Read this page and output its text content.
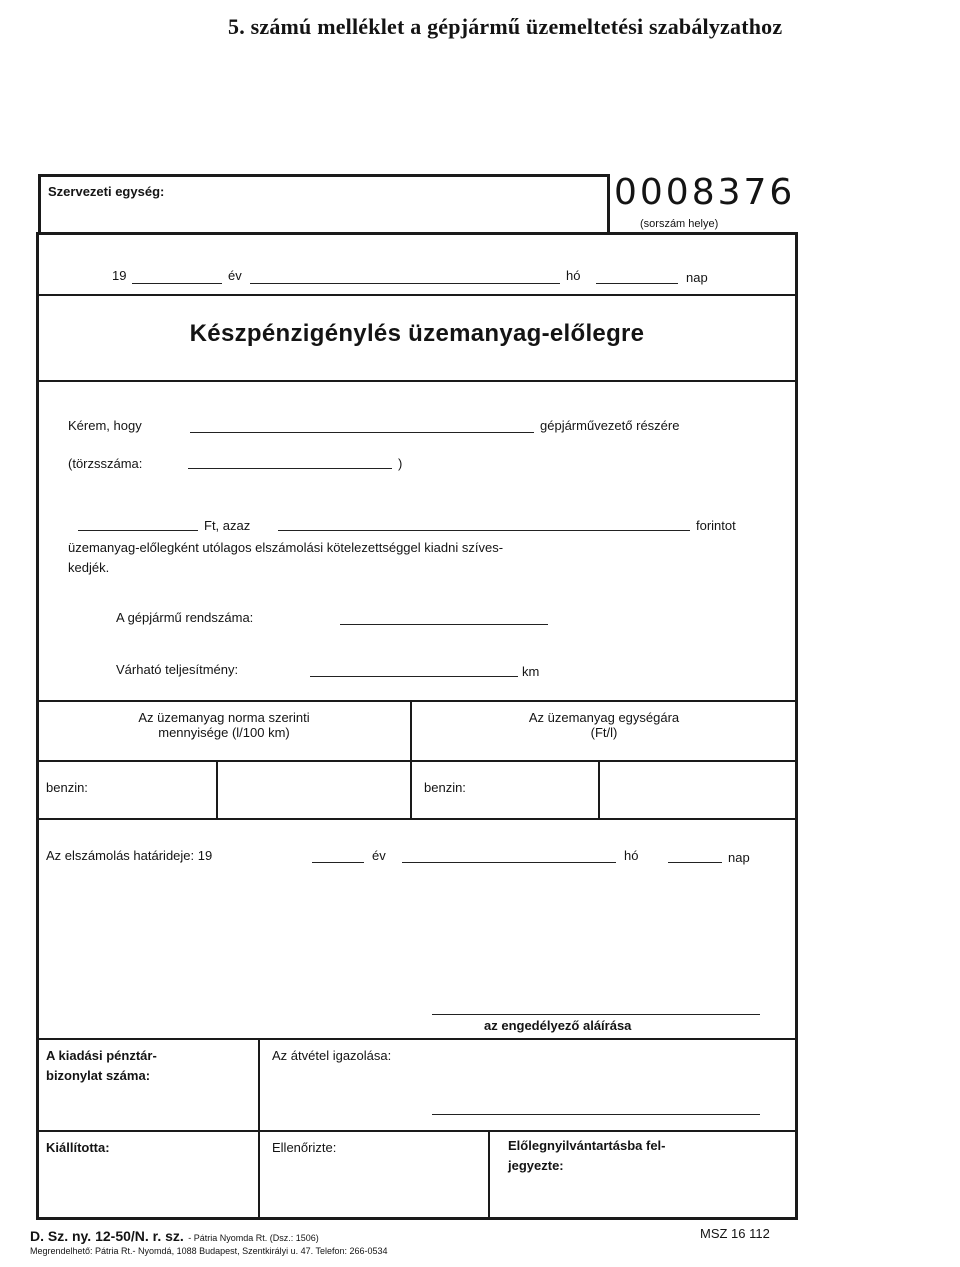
5. számú melléklet a gépjármű üzemeltetési szabályzathoz
Szervezeti egység:	0008376
(sorszám helye)
19	év	hó	nap
Készpénzigénylés üzemanyag-előlegre
Kérem, hogy	gépjárművezető részére
(törzsszáma:	)
Ft, azaz	forintot
üzemanyag-előlegként utólagos elszámolási kötelezettséggel kiadni szíves-
kedjék.
A gépjármű rendszáma:
Várható teljesítmény:	km
Az üzemanyag norma szerinti
mennyisége (l/100 km)
Az üzemanyag egységára
(Ft/l)
benzin:	benzin:
Az elszámolás határideje: 19	év	hó	nap
az engedélyező aláírása
A kiadási pénztár-
bizonylat száma:
Az átvétel igazolása:
Kiállította:	Ellenőrizte:	Előlegnyilvántartásba fel-
jegyezte:
D. Sz. ny. 12-50/N. r. sz. - Pátria Nyomda Rt. (Dsz.: 1506)
Megrendelhető: Pátria Rt.- Nyomdá, 1088 Budapest, Szentkirályi u. 47. Telefon: 266-0534
MSZ 16 112
